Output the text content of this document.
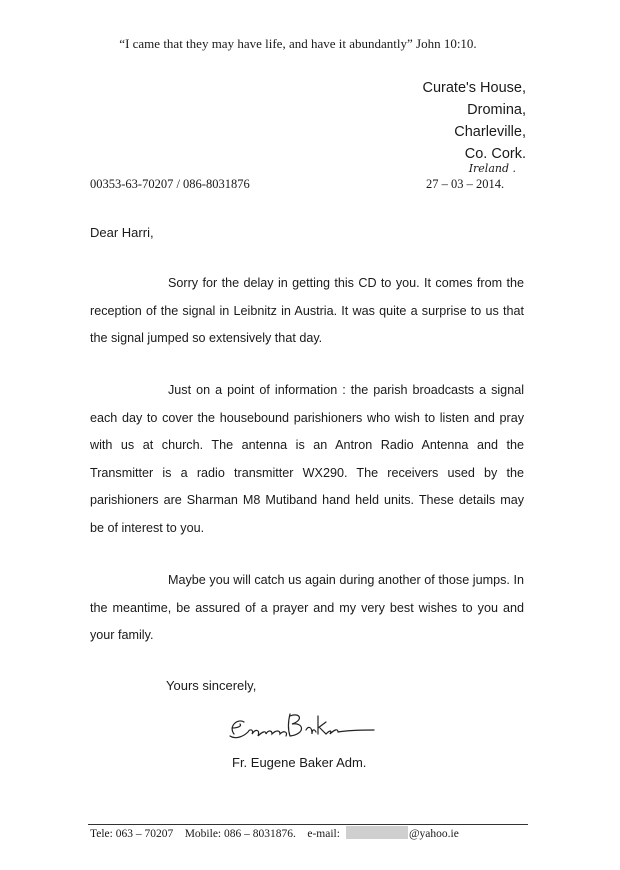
“I came that they may have life, and have it abundantly” John 10:10.
Curate's House,
Dromina,
Charleville,
Co. Cork.
Ireland .
00353-63-70207 / 086-8031876	27 – 03 – 2014.
Dear Harri,

Sorry for the delay in getting this CD to you. It comes from the reception of the signal in Leibnitz in Austria. It was quite a surprise to us that the signal jumped so extensively that day.

Just on a point of information : the parish broadcasts a signal each day to cover the housebound parishioners who wish to listen and pray with us at church. The antenna is an Antron Radio Antenna and the Transmitter is a radio transmitter WX290. The receivers used by the parishioners are Sharman M8 Mutiband hand held units. These details may be of interest to you.

Maybe you will catch us again during another of those jumps. In the meantime, be assured of a prayer and my very best wishes to you and your family.

Yours sincerely,
Fr. Eugene Baker Adm.
Tele: 063 – 70207 Mobile: 086 – 8031876. e-mail:	@yahoo.ie
